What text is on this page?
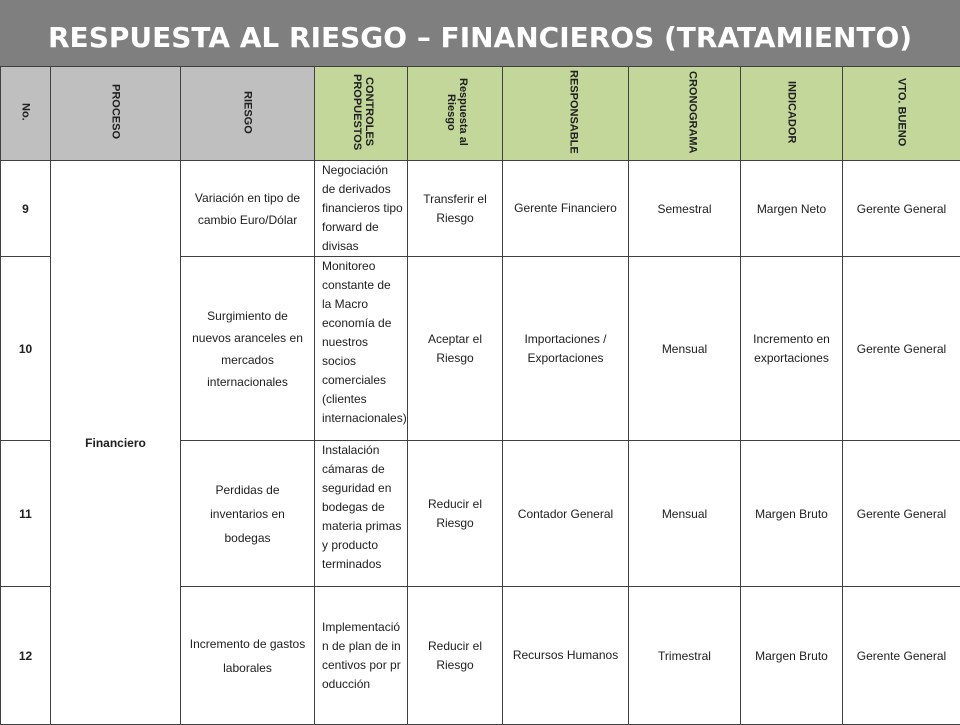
RESPUESTA AL RIESGO – FINANCIEROS (TRATAMIENTO)
No.	PROCESO	RIESGO	CONTROLES PROPUESTOS	Respuesta al Riesgo	RESPONSABLE	CRONOGRAMA	INDICADOR	VTO. BUENO
9	Financiero	Variación en tipo de cambio Euro/Dólar	Negociación de derivados financieros tipo forward de divisas	Transferir el Riesgo	Gerente Financiero	Semestral	Margen Neto	Gerente General
10		Surgimiento de nuevos aranceles en mercados internacionales	Monitoreo constante de la Macro economía de nuestros socios comerciales (clientes internacionales)	Aceptar el Riesgo	Importaciones / Exportaciones	Mensual	Incremento en exportaciones	Gerente General
11		Perdidas de inventarios en bodegas	Instalación cámaras de seguridad en bodegas de materia primas y producto terminados	Reducir el Riesgo	Contador General	Mensual	Margen Bruto	Gerente General
12		Incremento de gastos laborales	Implementación de plan de incentivos por producción	Reducir el Riesgo	Recursos Humanos	Trimestral	Margen Bruto	Gerente General
